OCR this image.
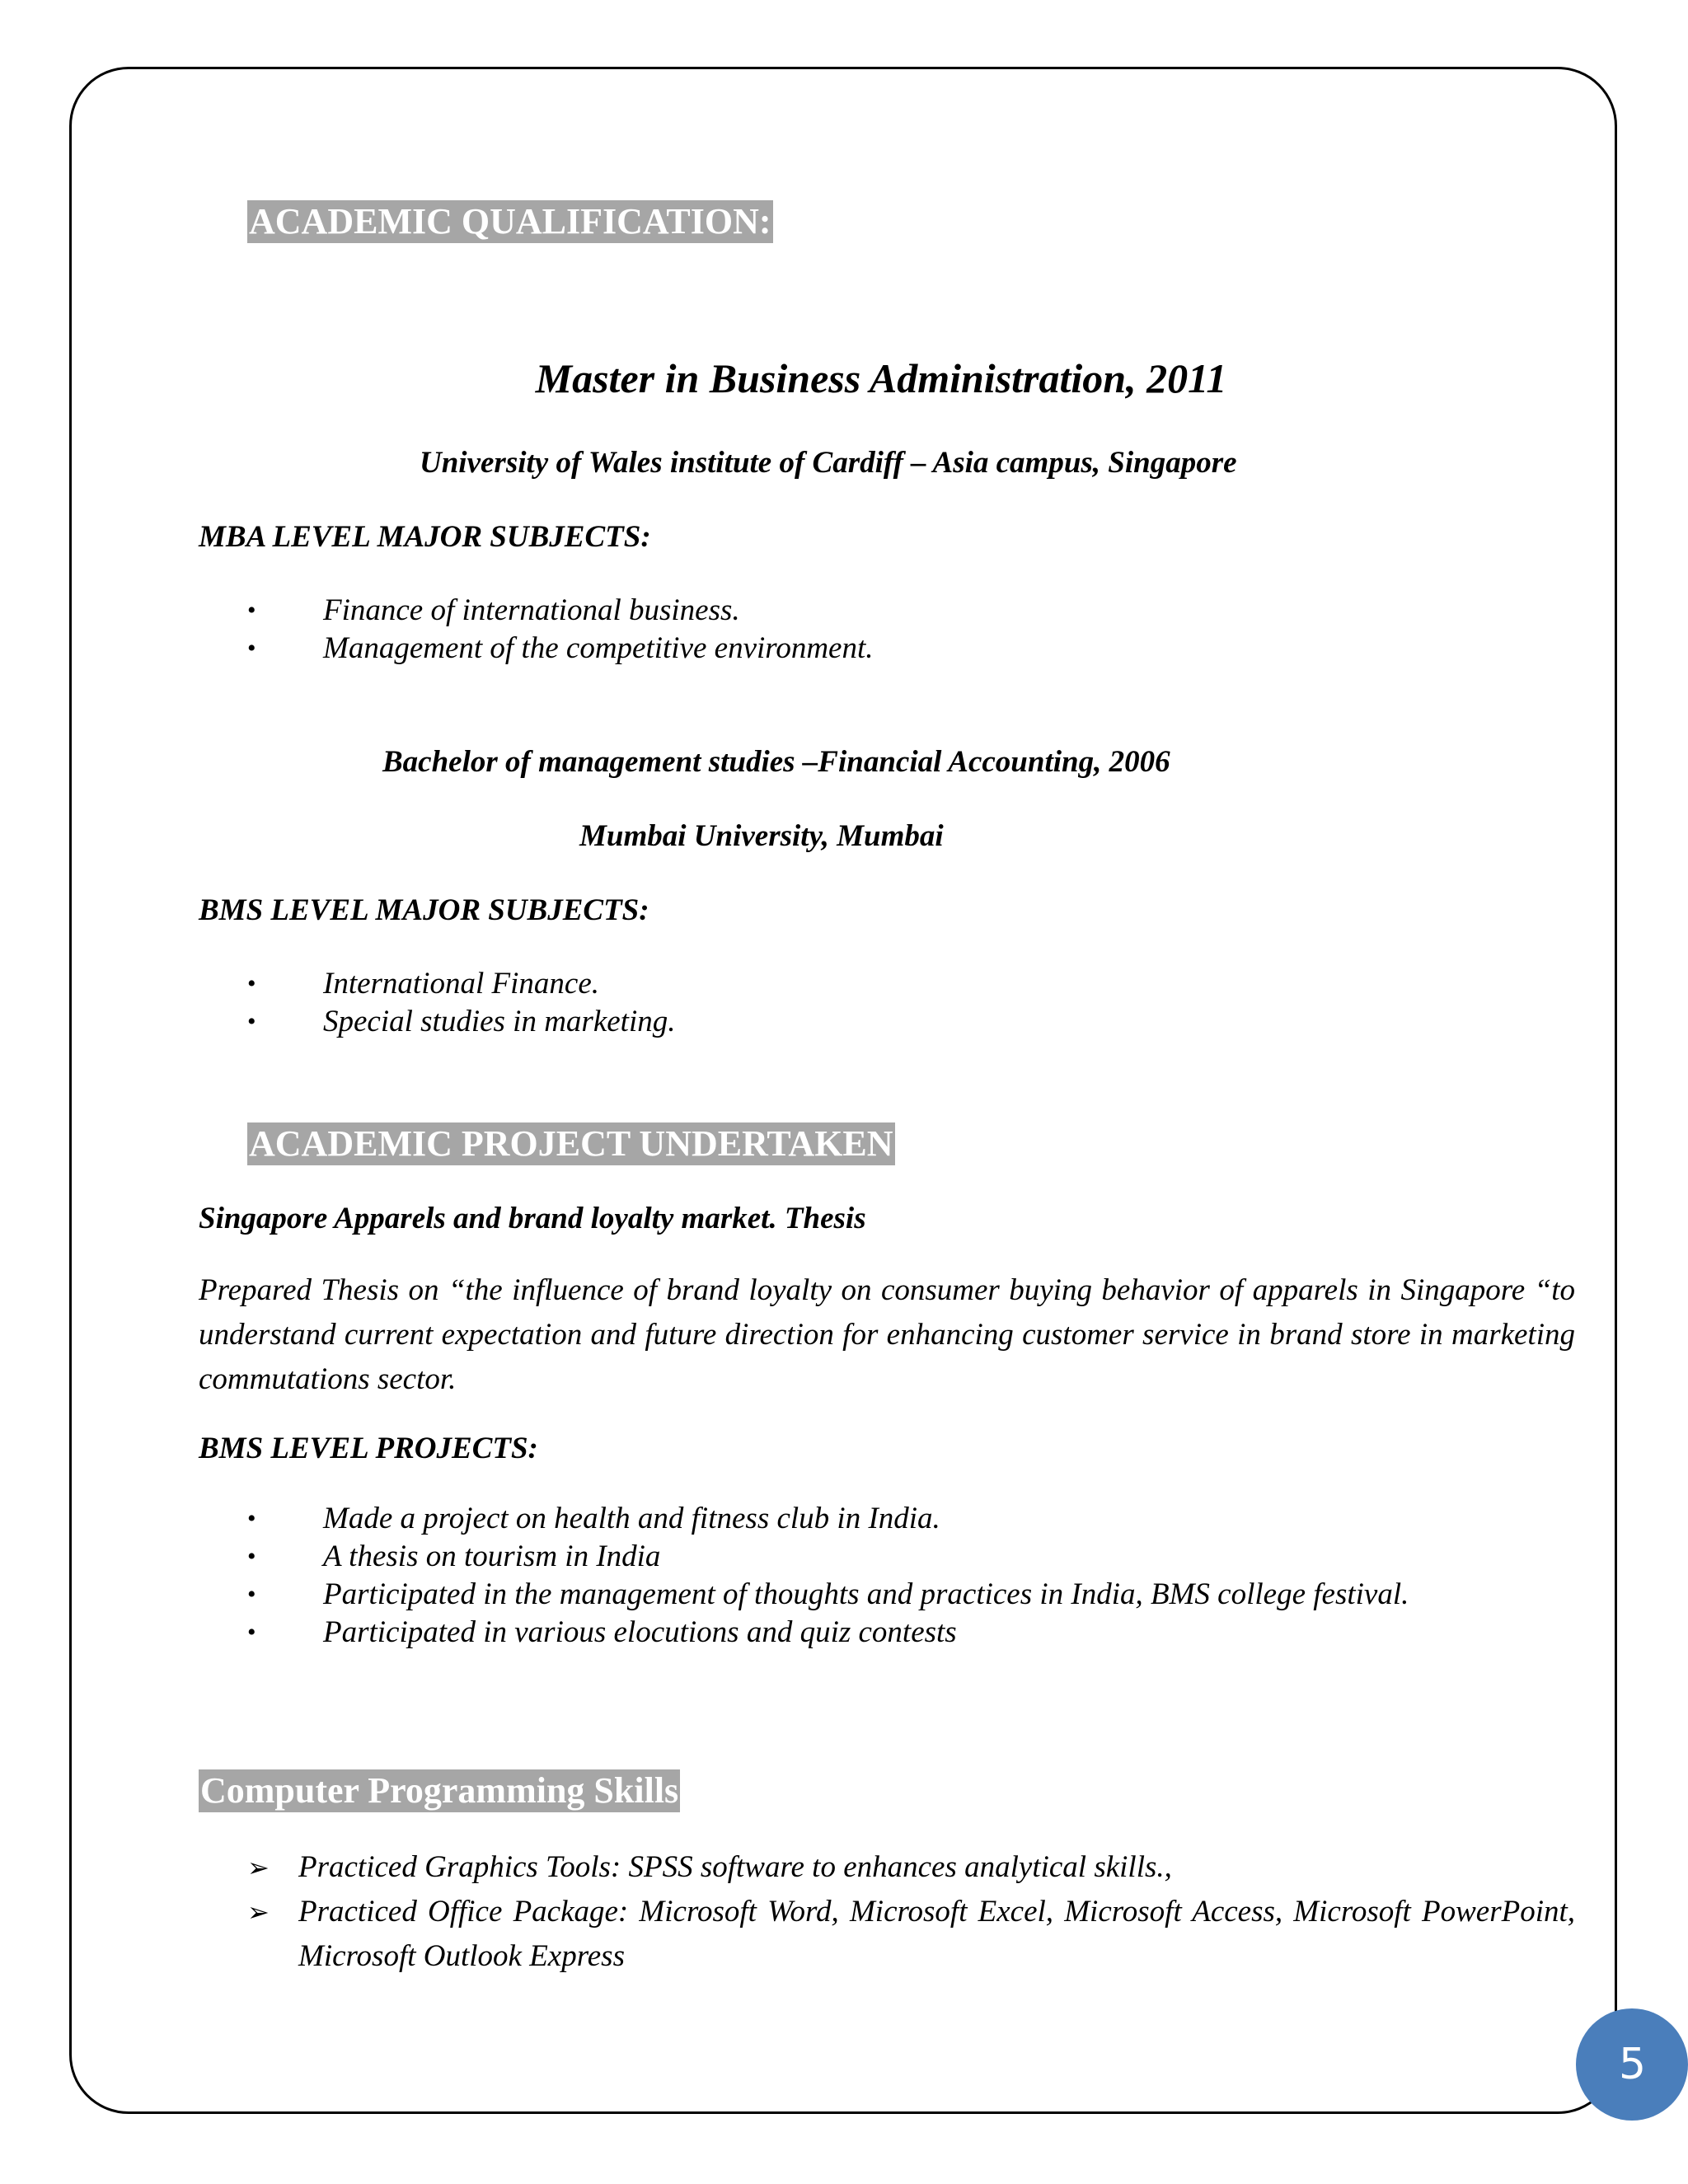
ACADEMIC QUALIFICATION:
Master in Business Administration, 2011
University of Wales institute of Cardiff – Asia campus, Singapore
MBA LEVEL MAJOR SUBJECTS:
• Finance of international business.
• Management of the competitive environment.
Bachelor of management studies –Financial Accounting, 2006
Mumbai University, Mumbai
BMS LEVEL MAJOR SUBJECTS:
• International Finance.
• Special studies in marketing.
ACADEMIC PROJECT UNDERTAKEN
Singapore Apparels and brand loyalty market. Thesis
Prepared Thesis on “the influence of brand loyalty on consumer buying behavior of apparels in Singapore “to understand current expectation and future direction for enhancing customer service in brand store in marketing commutations sector.
BMS LEVEL PROJECTS:
• Made a project on health and fitness club in India.
• A thesis on tourism in India
• Participated in the management of thoughts and practices in India, BMS college festival.
• Participated in various elocutions and quiz contests
Computer Programming Skills
➢ Practiced Graphics Tools: SPSS software to enhances analytical skills.,
➢ Practiced Office Package: Microsoft Word, Microsoft Excel, Microsoft Access, Microsoft PowerPoint, Microsoft Outlook Express
5
